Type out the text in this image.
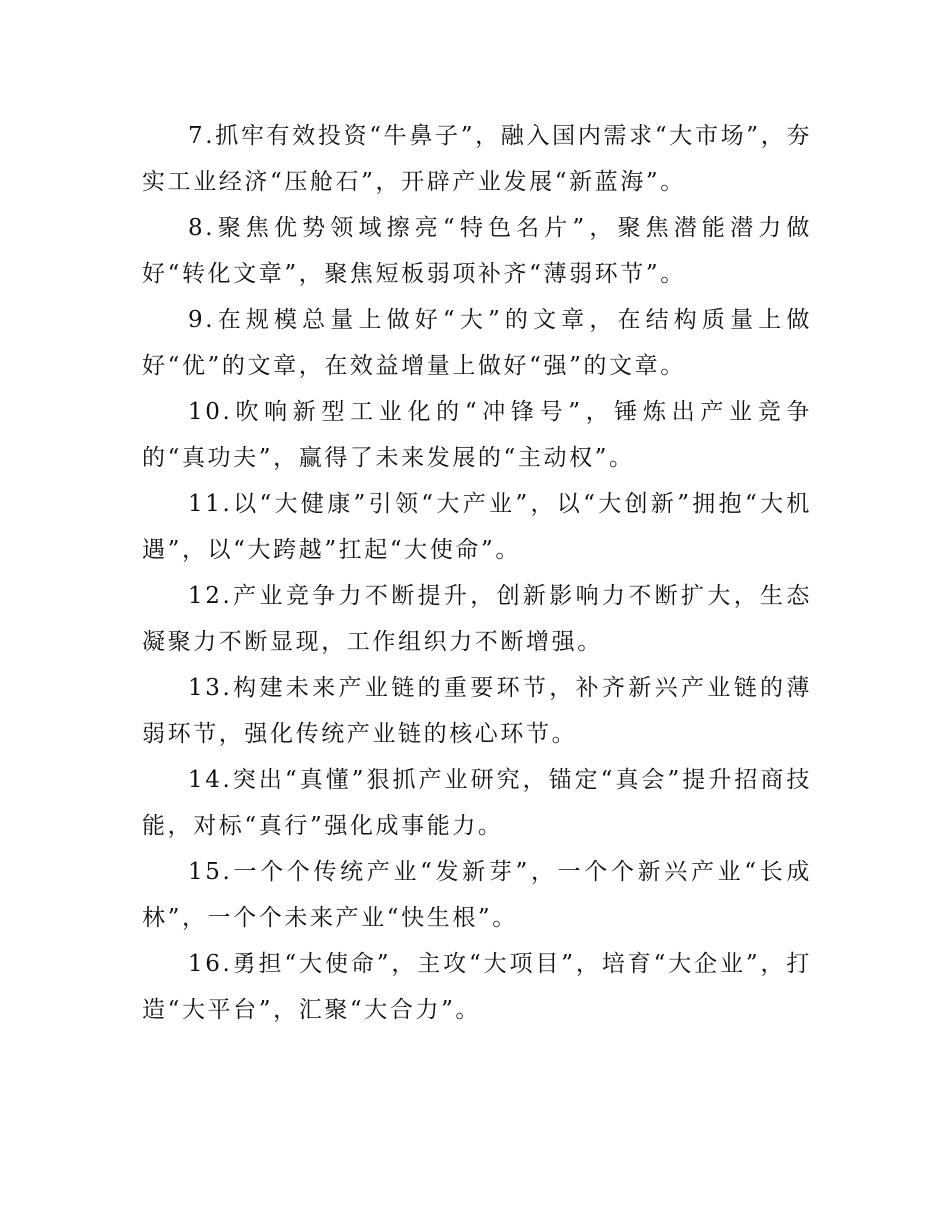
7.抓牢有效投资“牛鼻子”，融入国内需求“大市场”，夯实工业经济“压舱石”，开辟产业发展“新蓝海”。

8.聚焦优势领域擦亮“特色名片”，聚焦潜能潜力做好“转化文章”，聚焦短板弱项补齐“薄弱环节”。

9.在规模总量上做好“大”的文章，在结构质量上做好“优”的文章，在效益增量上做好“强”的文章。

10.吹响新型工业化的“冲锋号”，锤炼出产业竞争的“真功夫”，赢得了未来发展的“主动权”。

11.以“大健康”引领“大产业”，以“大创新”拥抱“大机遇”，以“大跨越”扛起“大使命”。

12.产业竞争力不断提升，创新影响力不断扩大，生态凝聚力不断显现，工作组织力不断增强。

13.构建未来产业链的重要环节，补齐新兴产业链的薄弱环节，强化传统产业链的核心环节。

14.突出“真懂”狠抓产业研究，锚定“真会”提升招商技能，对标“真行”强化成事能力。

15.一个个传统产业“发新芽”，一个个新兴产业“长成林”，一个个未来产业“快生根”。

16.勇担“大使命”，主攻“大项目”，培育“大企业”，打造“大平台”，汇聚“大合力”。
